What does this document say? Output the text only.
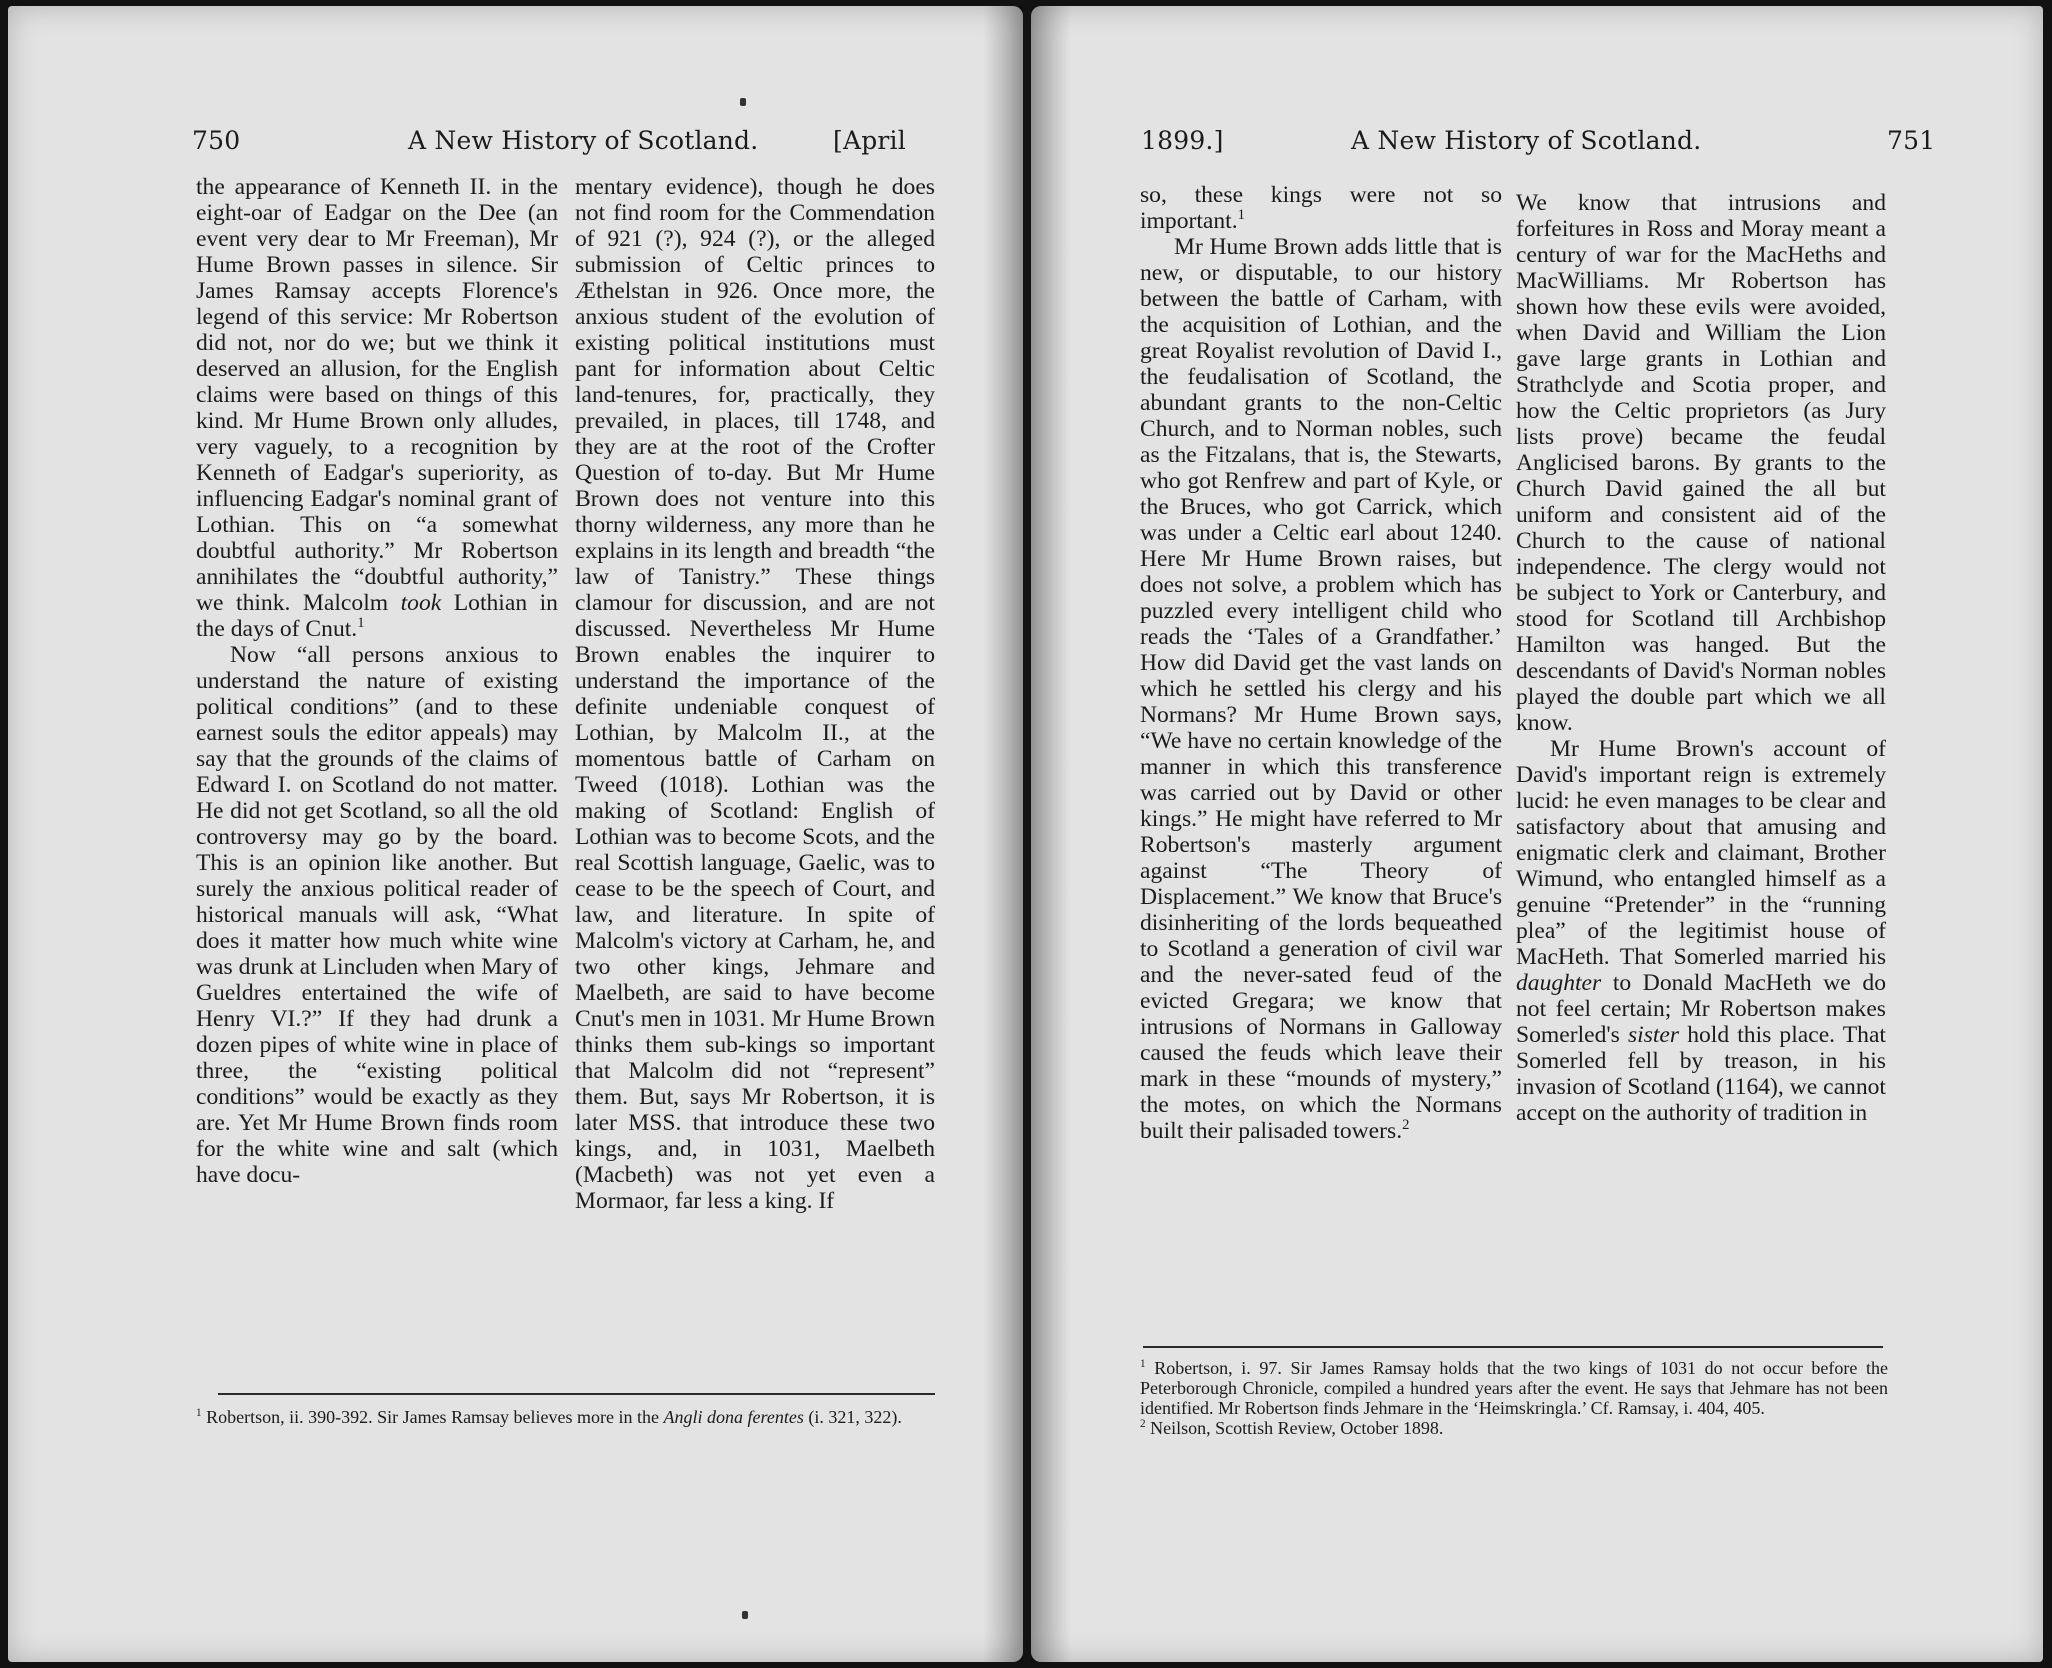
750	A New History of Scotland.	[April

the appearance of Kenneth II. in the eight-oar of Eadgar on the Dee (an event very dear to Mr Freeman), Mr Hume Brown passes in silence. Sir James Ramsay accepts Florence's legend of this service: Mr Robertson did not, nor do we; but we think it deserved an allusion, for the English claims were based on things of this kind. Mr Hume Brown only alludes, very vaguely, to a recognition by Kenneth of Eadgar's superiority, as influencing Eadgar's nominal grant of Lothian. This on “a somewhat doubtful authority.” Mr Robertson annihilates the “doubtful authority,” we think. Malcolm took Lothian in the days of Cnut.$^1$

Now “all persons anxious to understand the nature of existing political conditions” (and to these earnest souls the editor appeals) may say that the grounds of the claims of Edward I. on Scotland do not matter. He did not get Scotland, so all the old controversy may go by the board. This is an opinion like another. But surely the anxious political reader of historical manuals will ask, “What does it matter how much white wine was drunk at Lincluden when Mary of Gueldres entertained the wife of Henry VI.?” If they had drunk a dozen pipes of white wine in place of three, the “existing political conditions” would be exactly as they are. Yet Mr Hume Brown finds room for the white wine and salt (which have docu-

mentary evidence), though he does not find room for the Commendation of 921 (?), 924 (?), or the alleged submission of Celtic princes to Æthelstan in 926. Once more, the anxious student of the evolution of existing political institutions must pant for information about Celtic land-tenures, for, practically, they prevailed, in places, till 1748, and they are at the root of the Crofter Question of to-day. But Mr Hume Brown does not venture into this thorny wilderness, any more than he explains in its length and breadth “the law of Tanistry.” These things clamour for discussion, and are not discussed. Nevertheless Mr Hume Brown enables the inquirer to understand the importance of the definite undeniable conquest of Lothian, by Malcolm II., at the momentous battle of Carham on Tweed (1018). Lothian was the making of Scotland: English of Lothian was to become Scots, and the real Scottish language, Gaelic, was to cease to be the speech of Court, and law, and literature. In spite of Malcolm's victory at Carham, he, and two other kings, Jehmare and Maelbeth, are said to have become Cnut's men in 1031. Mr Hume Brown thinks them sub-kings so important that Malcolm did not “represent” them. But, says Mr Robertson, it is later MSS. that introduce these two kings, and, in 1031, Maelbeth (Macbeth) was not yet even a Mormaor, far less a king. If

$^1$ Robertson, ii. 390-392. Sir James Ramsay believes more in the Angli dona ferentes (i. 321, 322).

1899.]	A New History of Scotland.	751

so, these kings were not so important.$^1$

Mr Hume Brown adds little that is new, or disputable, to our history between the battle of Carham, with the acquisition of Lothian, and the great Royalist revolution of David I., the feudalisation of Scotland, the abundant grants to the non-Celtic Church, and to Norman nobles, such as the Fitzalans, that is, the Stewarts, who got Renfrew and part of Kyle, or the Bruces, who got Carrick, which was under a Celtic earl about 1240. Here Mr Hume Brown raises, but does not solve, a problem which has puzzled every intelligent child who reads the ‘Tales of a Grandfather.’ How did David get the vast lands on which he settled his clergy and his Normans? Mr Hume Brown says, “We have no certain knowledge of the manner in which this transference was carried out by David or other kings.” He might have referred to Mr Robertson's masterly argument against “The Theory of Displacement.” We know that Bruce's disinheriting of the lords bequeathed to Scotland a generation of civil war and the never-sated feud of the evicted Gregara; we know that intrusions of Normans in Galloway caused the feuds which leave their mark in these “mounds of mystery,” the motes, on which the Normans built their palisaded towers.$^2$

We know that intrusions and forfeitures in Ross and Moray meant a century of war for the MacHeths and MacWilliams. Mr Robertson has shown how these evils were avoided, when David and William the Lion gave large grants in Lothian and Strathclyde and Scotia proper, and how the Celtic proprietors (as Jury lists prove) became the feudal Anglicised barons. By grants to the Church David gained the all but uniform and consistent aid of the Church to the cause of national independence. The clergy would not be subject to York or Canterbury, and stood for Scotland till Archbishop Hamilton was hanged. But the descendants of David's Norman nobles played the double part which we all know.

Mr Hume Brown's account of David's important reign is extremely lucid: he even manages to be clear and satisfactory about that amusing and enigmatic clerk and claimant, Brother Wimund, who entangled himself as a genuine “Pretender” in the “running plea” of the legitimist house of MacHeth. That Somerled married his daughter to Donald MacHeth we do not feel certain; Mr Robertson makes Somerled's sister hold this place. That Somerled fell by treason, in his invasion of Scotland (1164), we cannot accept on the authority of tradition in

$^1$ Robertson, i. 97. Sir James Ramsay holds that the two kings of 1031 do not occur before the Peterborough Chronicle, compiled a hundred years after the event. He says that Jehmare has not been identified. Mr Robertson finds Jehmare in the ‘Heimskringla.’ Cf. Ramsay, i. 404, 405.

$^2$ Neilson, Scottish Review, October 1898.
